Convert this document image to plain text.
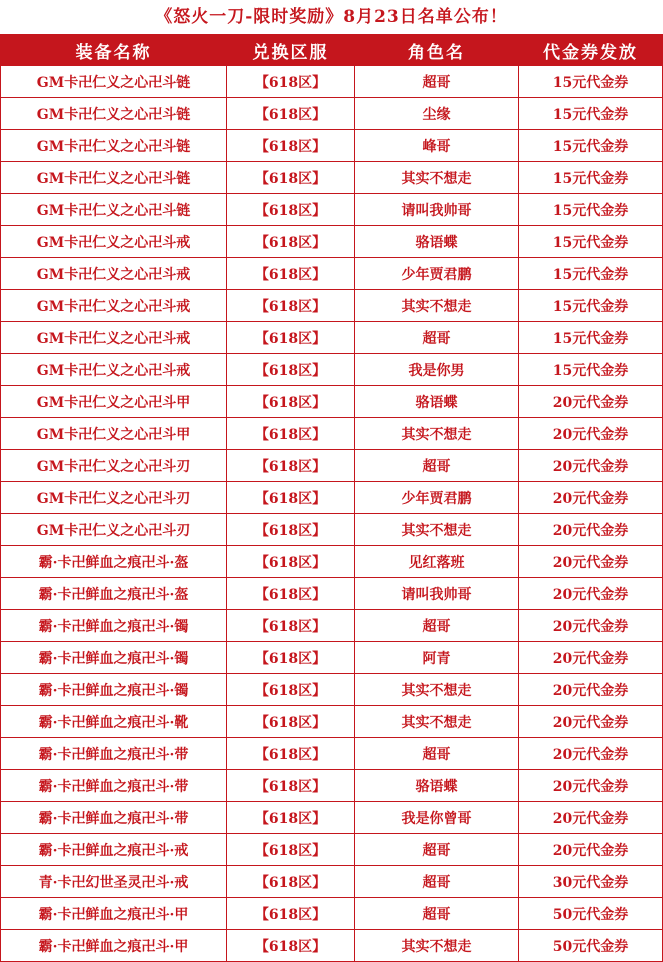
《怒火一刀-限时奖励》8月23日名单公布！
装备名称	兑换区服	角色名	代金券发放
GM卡卍仁义之心卍斗链	【618区】	超哥	15元代金券
GM卡卍仁义之心卍斗链	【618区】	尘缘	15元代金券
GM卡卍仁义之心卍斗链	【618区】	峰哥	15元代金券
GM卡卍仁义之心卍斗链	【618区】	其实不想走	15元代金券
GM卡卍仁义之心卍斗链	【618区】	请叫我帅哥	15元代金券
GM卡卍仁义之心卍斗戒	【618区】	骆语蝶	15元代金券
GM卡卍仁义之心卍斗戒	【618区】	少年贾君鹏	15元代金券
GM卡卍仁义之心卍斗戒	【618区】	其实不想走	15元代金券
GM卡卍仁义之心卍斗戒	【618区】	超哥	15元代金券
GM卡卍仁义之心卍斗戒	【618区】	我是你男	15元代金券
GM卡卍仁义之心卍斗甲	【618区】	骆语蝶	20元代金券
GM卡卍仁义之心卍斗甲	【618区】	其实不想走	20元代金券
GM卡卍仁义之心卍斗刃	【618区】	超哥	20元代金券
GM卡卍仁义之心卍斗刃	【618区】	少年贾君鹏	20元代金券
GM卡卍仁义之心卍斗刃	【618区】	其实不想走	20元代金券
霸·卡卍鲜血之痕卍斗·盔	【618区】	见红落班	20元代金券
霸·卡卍鲜血之痕卍斗·盔	【618区】	请叫我帅哥	20元代金券
霸·卡卍鲜血之痕卍斗·镯	【618区】	超哥	20元代金券
霸·卡卍鲜血之痕卍斗·镯	【618区】	阿青	20元代金券
霸·卡卍鲜血之痕卍斗·镯	【618区】	其实不想走	20元代金券
霸·卡卍鲜血之痕卍斗·靴	【618区】	其实不想走	20元代金券
霸·卡卍鲜血之痕卍斗·带	【618区】	超哥	20元代金券
霸·卡卍鲜血之痕卍斗·带	【618区】	骆语蝶	20元代金券
霸·卡卍鲜血之痕卍斗·带	【618区】	我是你曾哥	20元代金券
霸·卡卍鲜血之痕卍斗·戒	【618区】	超哥	20元代金券
青·卡卍幻世圣灵卍斗·戒	【618区】	超哥	30元代金券
霸·卡卍鲜血之痕卍斗·甲	【618区】	超哥	50元代金券
霸·卡卍鲜血之痕卍斗·甲	【618区】	其实不想走	50元代金券
